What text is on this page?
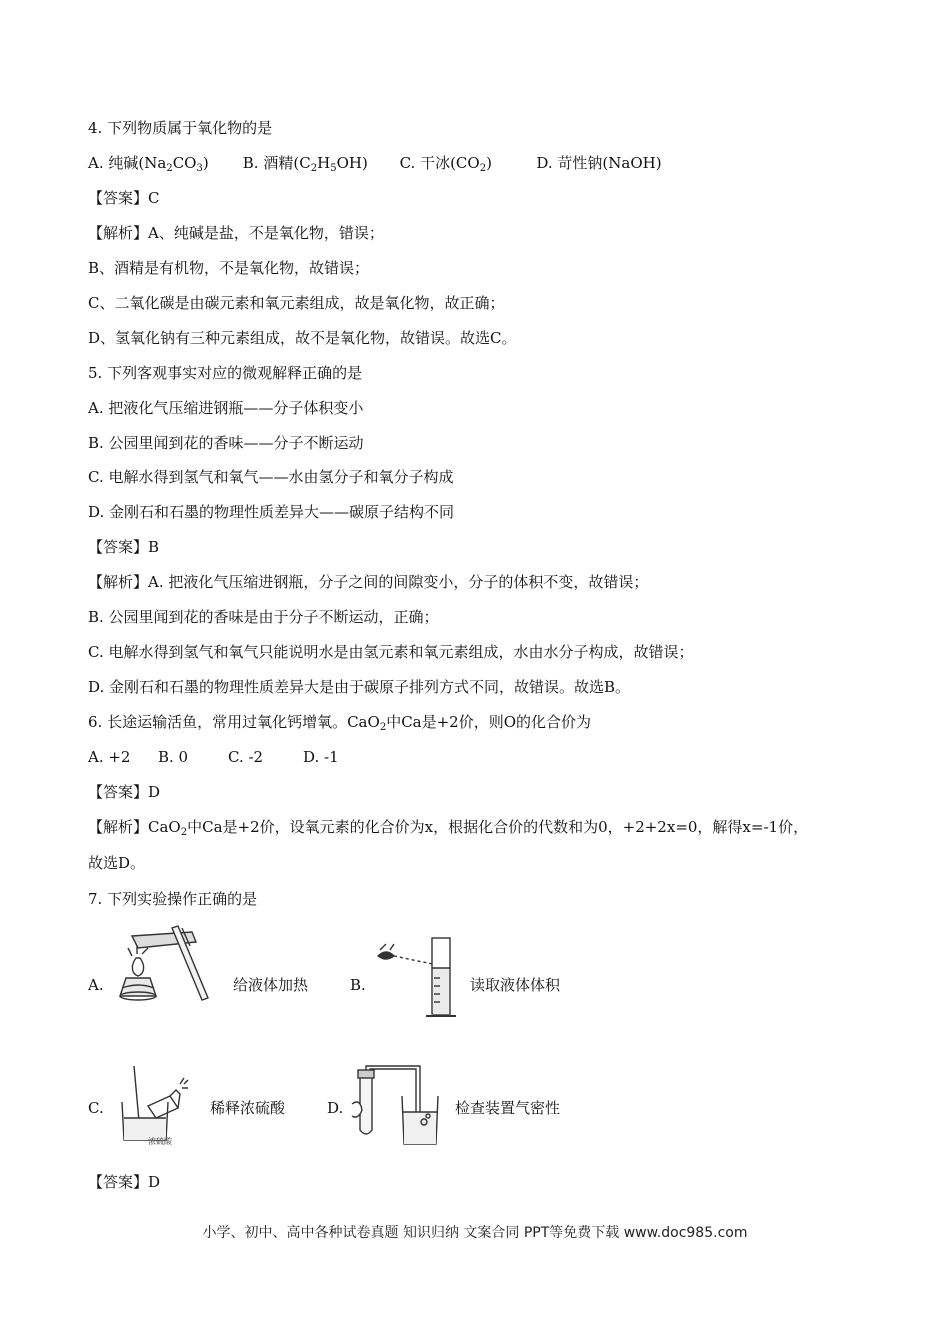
4. 下列物质属于氧化物的是
A. 纯碱$(Na_2CO_3)$ B. 酒精$(C_2H_5OH)$ C. 干冰$(CO_2)$	D. 苛性钠(NaOH)
【答案】C
【解析】A、纯碱是盐，不是氧化物，错误；
B、酒精是有机物，不是氧化物，故错误；
C、二氧化碳是由碳元素和氧元素组成，故是氧化物，故正确；
D、氢氧化钠有三种元素组成，故不是氧化物，故错误。故选C。
5. 下列客观事实对应的微观解释正确的是
A. 把液化气压缩进钢瓶——分子体积变小
B. 公园里闻到花的香味——分子不断运动
C. 电解水得到氢气和氧气——水由氢分子和氧分子构成
D. 金刚石和石墨的物理性质差异大——碳原子结构不同
【答案】B
【解析】A. 把液化气压缩进钢瓶，分子之间的间隙变小，分子的体积不变，故错误；
B. 公园里闻到花的香味是由于分子不断运动，正确；
C. 电解水得到氢气和氧气只能说明水是由氢元素和氧元素组成，水由水分子构成，故错误；
D. 金刚石和石墨的物理性质差异大是由于碳原子排列方式不同，故错误。故选B。
6. 长途运输活鱼，常用过氧化钙增氧。CaO$_2$中Ca是+2价，则O的化合价为
A. +2 B. 0	C. -2	D. -1
【答案】D
【解析】CaO$_2$中Ca是+2价，设氧元素的化合价为x，根据化合价的代数和为0，+2+2x=0，解得x=-1价，
故选D。
7. 下列实验操作正确的是
A.	给液体加热	B.	读取液体体积
C.
浓硫酸
稀释浓硫酸	D.	检查装置气密性
【答案】D
小学、初中、高中各种试卷真题 知识归纳 文案合同 PPT等免费下载 www.doc985.com
